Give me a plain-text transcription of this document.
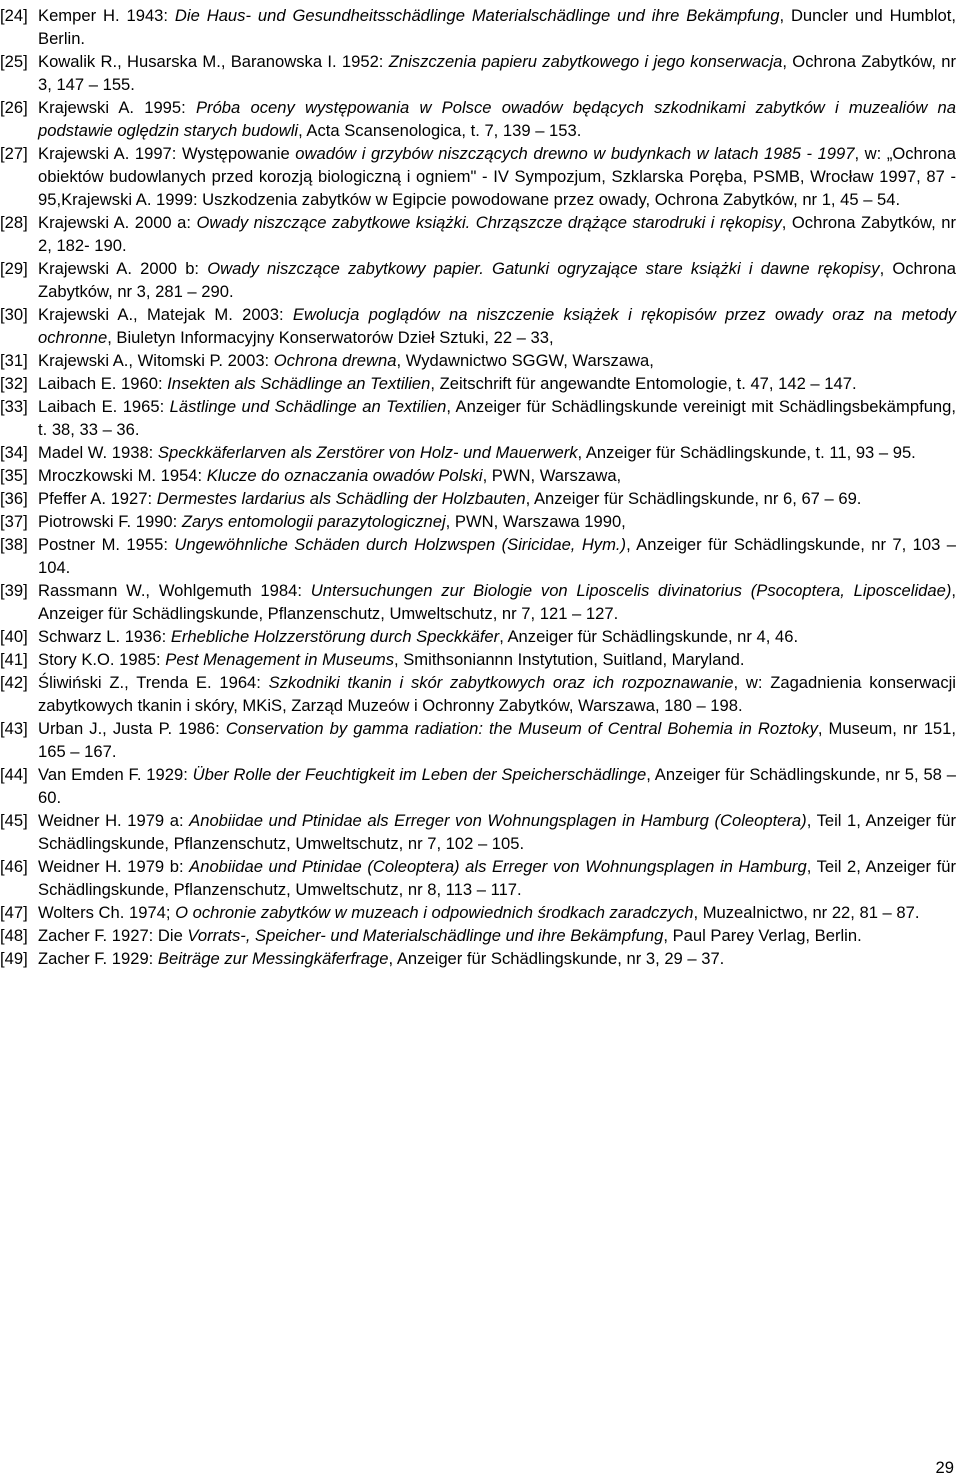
[24] Kemper H. 1943: Die Haus- und Gesundheitsschädlinge Materialschädlinge und ihre Bekämpfung, Duncler und Humblot, Berlin.

[25] Kowalik R., Husarska M., Baranowska I. 1952: Zniszczenia papieru zabytkowego i jego konserwacja, Ochrona Zabytków, nr 3, 147 – 155.

[26] Krajewski A. 1995: Próba oceny występowania w Polsce owadów będących szkodnikami zabytków i muzealiów na podstawie oględzin starych budowli, Acta Scansenologica, t. 7, 139 – 153.

[27] Krajewski A. 1997: Występowanie owadów i grzybów niszczących drewno w budynkach w latach 1985 - 1997, w: „Ochrona obiektów budowlanych przed korozją biologiczną i ogniem" - IV Sympozjum, Szklarska Poręba, PSMB, Wrocław 1997, 87 - 95,Krajewski A. 1999: Uszkodzenia zabytków w Egipcie powodowane przez owady, Ochrona Zabytków, nr 1, 45 – 54.

[28] Krajewski A. 2000 a: Owady niszczące zabytkowe książki. Chrząszcze drążące starodruki i rękopisy, Ochrona Zabytków, nr 2, 182- 190.

[29] Krajewski A. 2000 b: Owady niszczące zabytkowy papier. Gatunki ogryzające stare książki i dawne rękopisy, Ochrona Zabytków, nr 3, 281 – 290.

[30] Krajewski A., Matejak M. 2003: Ewolucja poglądów na niszczenie książek i rękopisów przez owady oraz na metody ochronne, Biuletyn Informacyjny Konserwatorów Dzieł Sztuki, 22 – 33,

[31] Krajewski A., Witomski P. 2003: Ochrona drewna, Wydawnictwo SGGW, Warszawa,

[32] Laibach E. 1960: Insekten als Schädlinge an Textilien, Zeitschrift für angewandte Entomologie, t. 47, 142 – 147.

[33] Laibach E. 1965: Lästlinge und Schädlinge an Textilien, Anzeiger für Schädlingskunde vereinigt mit Schädlingsbekämpfung, t. 38, 33 – 36.

[34] Madel W. 1938: Speckkäferlarven als Zerstörer von Holz- und Mauerwerk, Anzeiger für Schädlingskunde, t. 11, 93 – 95.

[35] Mroczkowski M. 1954: Klucze do oznaczania owadów Polski, PWN, Warszawa,

[36] Pfeffer A. 1927: Dermestes lardarius als Schädling der Holzbauten, Anzeiger für Schädlingskunde, nr 6, 67 – 69.

[37] Piotrowski F. 1990: Zarys entomologii parazytologicznej, PWN, Warszawa 1990,

[38] Postner M. 1955: Ungewöhnliche Schäden durch Holzwspen (Siricidae, Hym.), Anzeiger für Schädlingskunde, nr 7, 103 – 104.

[39] Rassmann W., Wohlgemuth 1984: Untersuchungen zur Biologie von Liposcelis divinatorius (Psocoptera, Liposcelidae), Anzeiger für Schädlingskunde, Pflanzenschutz, Umweltschutz, nr 7, 121 – 127.

[40] Schwarz L. 1936: Erhebliche Holzzerstörung durch Speckkäfer, Anzeiger für Schädlingskunde, nr 4, 46.

[41] Story K.O. 1985: Pest Menagement in Museums, Smithsoniannn Instytution, Suitland, Maryland.

[42] Śliwiński Z., Trenda E. 1964: Szkodniki tkanin i skór zabytkowych oraz ich rozpoznawanie, w: Zagadnienia konserwacji zabytkowych tkanin i skóry, MKiS, Zarząd Muzeów i Ochronny Zabytków, Warszawa, 180 – 198.

[43] Urban J., Justa P. 1986: Conservation by gamma radiation: the Museum of Central Bohemia in Roztoky, Museum, nr 151, 165 – 167.

[44] Van Emden F. 1929: Über Rolle der Feuchtigkeit im Leben der Speicherschädlinge, Anzeiger für Schädlingskunde, nr 5, 58 – 60.

[45] Weidner H. 1979 a: Anobiidae und Ptinidae als Erreger von Wohnungsplagen in Hamburg (Coleoptera), Teil 1, Anzeiger für Schädlingskunde, Pflanzenschutz, Umweltschutz, nr 7, 102 – 105.

[46] Weidner H. 1979 b: Anobiidae und Ptinidae (Coleoptera) als Erreger von Wohnungsplagen in Hamburg, Teil 2, Anzeiger für Schädlingskunde, Pflanzenschutz, Umweltschutz, nr 8, 113 – 117.

[47] Wolters Ch. 1974; O ochronie zabytków w muzeach i odpowiednich środkach zaradczych, Muzealnictwo, nr 22, 81 – 87.

[48] Zacher F. 1927: Die Vorrats-, Speicher- und Materialschädlinge und ihre Bekämpfung, Paul Parey Verlag, Berlin.

[49] Zacher F. 1929: Beiträge zur Messingkäferfrage, Anzeiger für Schädlingskunde, nr 3, 29 – 37.

29
